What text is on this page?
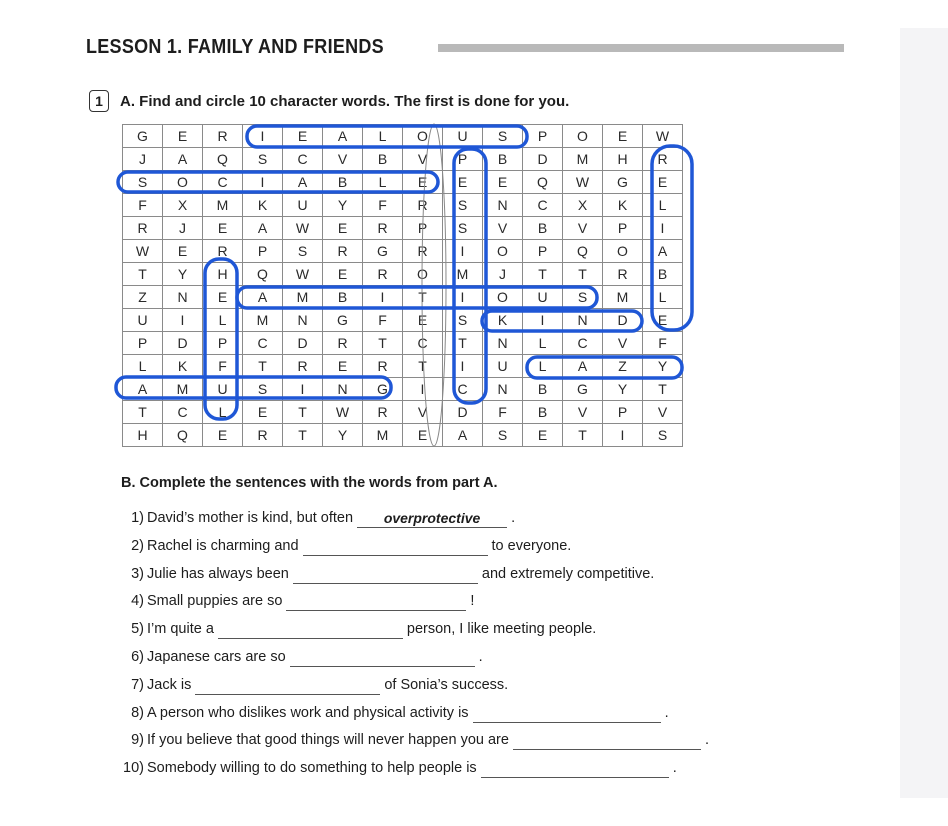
LESSON 1. FAMILY AND FRIENDS
1	A. Find and circle 10 character words. The first is done for you.
G	E	R	I	E	A	L	O	U	S	P	O	E	W
J	A	Q	S	C	V	B	V	P	B	D	M	H	R
S	O	C	I	A	B	L	E	E	E	Q	W	G	E
F	X	M	K	U	Y	F	R	S	N	C	X	K	L
R	J	E	A	W	E	R	P	S	V	B	V	P	I
W	E	R	P	S	R	G	R	I	O	P	Q	O	A
T	Y	H	Q	W	E	R	O	M	J	T	T	R	B
Z	N	E	A	M	B	I	T	I	O	U	S	M	L
U	I	L	M	N	G	F	E	S	K	I	N	D	E
P	D	P	C	D	R	T	C	T	N	L	C	V	F
L	K	F	T	R	E	R	T	I	U	L	A	Z	Y
A	M	U	S	I	N	G	I	C	N	B	G	Y	T
T	C	L	E	T	W	R	V	D	F	B	V	P	V
H	Q	E	R	T	Y	M	E	A	S	E	T	I	S
B. Complete the sentences with the words from part A.
1) David’s mother is kind, but often overprotective .
2) Rachel is charming and	to everyone.
3) Julie has always been	and extremely competitive.
4) Small puppies are so	!
5) I’m quite a	person, I like meeting people.
6) Japanese cars are so	.
7) Jack is	of Sonia’s success.
8) A person who dislikes work and physical activity is	.
9) If you believe that good things will never happen you are	.
10) Somebody willing to do something to help people is	.
